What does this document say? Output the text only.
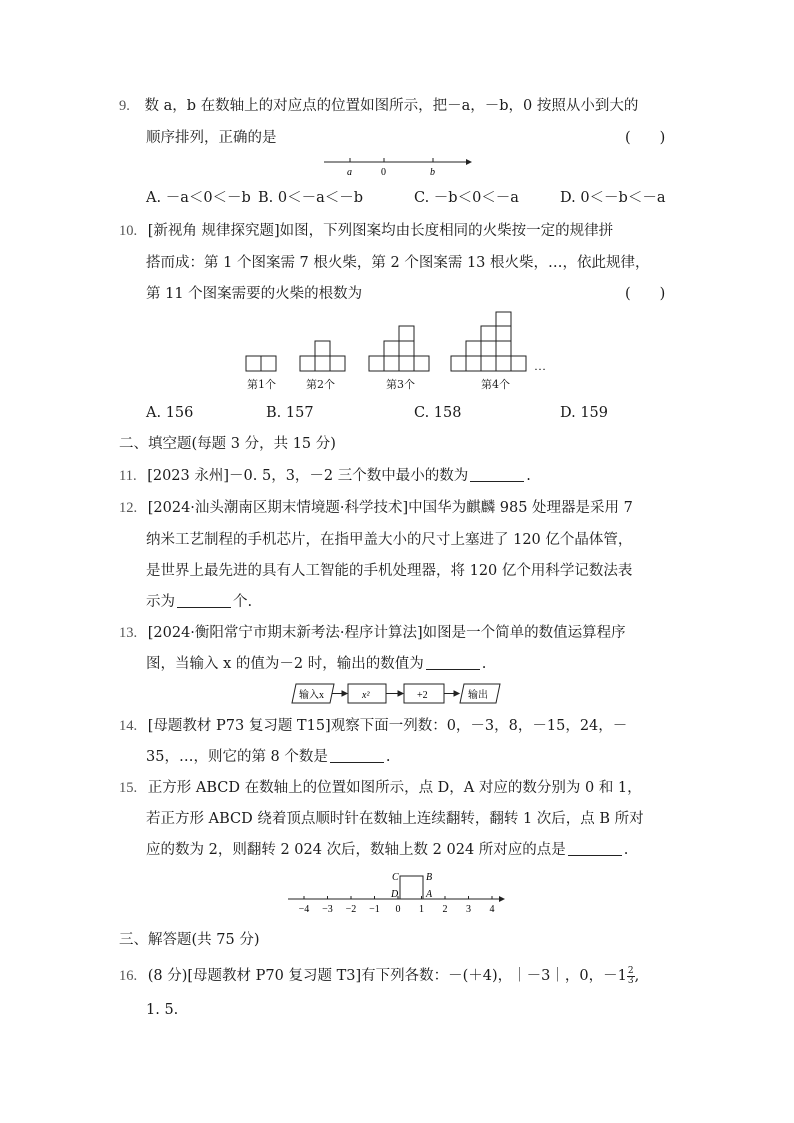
9. 数 a，b 在数轴上的对应点的位置如图所示，把－a，－b，0 按照从小到大的
顺序排列，正确的是	(　　)
a	0	b
A. －a＜0＜－b B. 0＜－a＜－b	C. －b＜0＜－a	D. 0＜－b＜－a
10. [新视角 规律探究题]如图，下列图案均由长度相同的火柴按一定的规律拼
搭而成：第 1 个图案需 7 根火柴，第 2 个图案需 13 根火柴，…，依此规律，
第 11 个图案需要的火柴的根数为	(　　)
…
第1个	第2个	第3个	第4个
A. 156	B. 157	C. 158	D. 159
二、填空题(每题 3 分，共 15 分)
11. [2023 永州]－0. 5，3，－2 三个数中最小的数为	.
12. [2024·汕头潮南区期末情境题·科学技术]中国华为麒麟 985 处理器是采用 7
纳米工艺制程的手机芯片，在指甲盖大小的尺寸上塞进了 120 亿个晶体管，
是世界上最先进的具有人工智能的手机处理器，将 120 亿个用科学记数法表
示为	个.
13. [2024·衡阳常宁市期末新考法·程序计算法]如图是一个简单的数值运算程序
图，当输入 x 的值为－2 时，输出的数值为	.
输入x	x²	+2	输出
14. [母题教材 P73 复习题 T15]观察下面一列数：0，－3，8，－15，24，－
35，…，则它的第 8 个数是	.
15. 正方形 ABCD 在数轴上的位置如图所示，点 D，A 对应的数分别为 0 和 1，
若正方形 ABCD 绕着顶点顺时针在数轴上连续翻转，翻转 1 次后，点 B 所对
应的数为 2，则翻转 2 024 次后，数轴上数 2 024 所对应的点是	.
−4 −3 −2 −1 0 1 2 3 4
C	B
D	A
三、解答题(共 75 分)
16. (8 分)[母题教材 P70 复习题 T3]有下列各数：－(＋4)，｜－3｜，0，$-1 \frac{2}{3}$ ,
1. 5.
